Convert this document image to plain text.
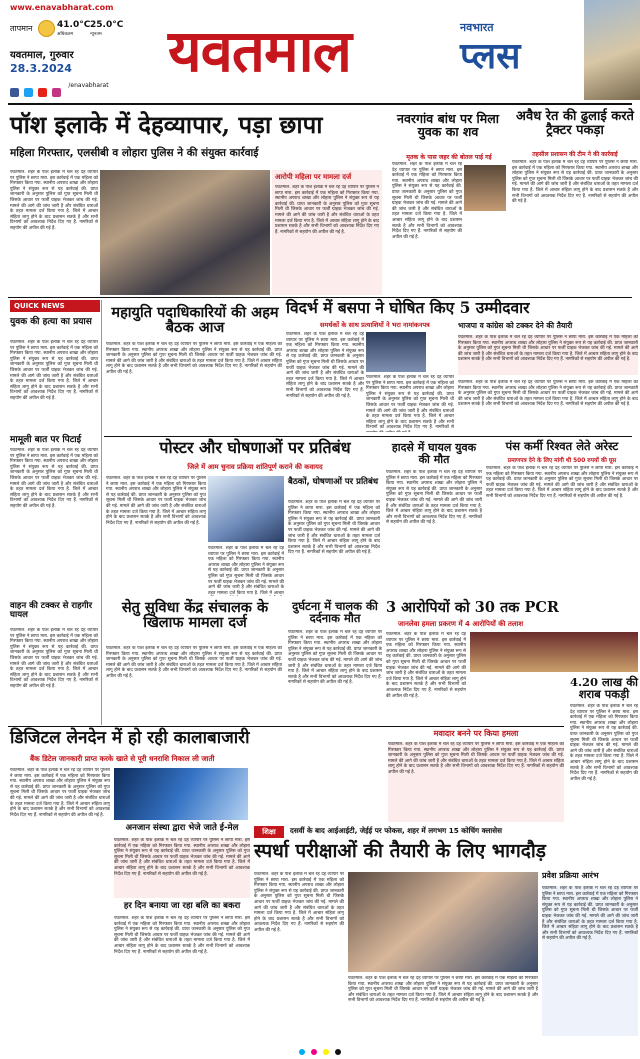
www.enavabharat.com
तापमान	41.0°C
अधिकतम
25.0°C
न्यूनतम
यवतमाल, गुरुवार
28.3.2024
$^{/enavabharat}$
यवतमाल	नवभारत
प्लस
पॉश इलाके में देहव्यापार, पड़ा छापा
महिला गिरफ्तार, एलसीबी व लोहारा पुलिस ने की संयुक्त कार्रवाई
यवतमाल. शहर के पॉश इलाके में चल रहे देह व्यापार पर पुलिस ने छापा मारा. इस कार्रवाई में एक महिला को गिरफ्तार किया गया. स्थानीय अपराध शाखा और लोहारा पुलिस ने संयुक्त रूप से यह कार्रवाई की. प्राप्त जानकारी के अनुसार पुलिस को गुप्त सूचना मिली थी जिसके आधार पर फर्जी ग्राहक भेजकर जांच की गई. मामले की आगे की जांच जारी है और संबंधित धाराओं के तहत मामला दर्ज किया गया है. जिले में आचार संहिता लागू होने के बाद प्रशासन सतर्क है और सभी विभागों को आवश्यक निर्देश दिए गए हैं. नागरिकों से सहयोग की अपील की गई है.
आरोपी महिला पर मामला दर्ज
यवतमाल. शहर के पॉश इलाके में चल रहे देह व्यापार पर पुलिस ने छापा मारा. इस कार्रवाई में एक महिला को गिरफ्तार किया गया. स्थानीय अपराध शाखा और लोहारा पुलिस ने संयुक्त रूप से यह कार्रवाई की. प्राप्त जानकारी के अनुसार पुलिस को गुप्त सूचना मिली थी जिसके आधार पर फर्जी ग्राहक भेजकर जांच की गई. मामले की आगे की जांच जारी है और संबंधित धाराओं के तहत मामला दर्ज किया गया है. जिले में आचार संहिता लागू होने के बाद प्रशासन सतर्क है और सभी विभागों को आवश्यक निर्देश दिए गए हैं. नागरिकों से सहयोग की अपील की गई है.
नवरगांव बांध पर मिला युवक का शव
मृतक के पास जहर की बोतल पाई गई
यवतमाल. शहर के पॉश इलाके में चल रहे देह व्यापार पर पुलिस ने छापा मारा. इस कार्रवाई में एक महिला को गिरफ्तार किया गया. स्थानीय अपराध शाखा और लोहारा पुलिस ने संयुक्त रूप से यह कार्रवाई की. प्राप्त जानकारी के अनुसार पुलिस को गुप्त सूचना मिली थी जिसके आधार पर फर्जी ग्राहक भेजकर जांच की गई. मामले की आगे की जांच जारी है और संबंधित धाराओं के तहत मामला दर्ज किया गया है. जिले में आचार संहिता लागू होने के बाद प्रशासन सतर्क है और सभी विभागों को आवश्यक निर्देश दिए गए हैं. नागरिकों से सहयोग की अपील की गई है.
अवैध रेत की ढुलाई करते ट्रैक्टर पकड़ा
तहसील प्रशासन की टीम ने की कार्रवाई
यवतमाल. शहर के पॉश इलाके में चल रहे देह व्यापार पर पुलिस ने छापा मारा. इस कार्रवाई में एक महिला को गिरफ्तार किया गया. स्थानीय अपराध शाखा और लोहारा पुलिस ने संयुक्त रूप से यह कार्रवाई की. प्राप्त जानकारी के अनुसार पुलिस को गुप्त सूचना मिली थी जिसके आधार पर फर्जी ग्राहक भेजकर जांच की गई. मामले की आगे की जांच जारी है और संबंधित धाराओं के तहत मामला दर्ज किया गया है. जिले में आचार संहिता लागू होने के बाद प्रशासन सतर्क है और सभी विभागों को आवश्यक निर्देश दिए गए हैं. नागरिकों से सहयोग की अपील की गई है.
QUICK NEWS
युवक की हत्या का प्रयास
यवतमाल. शहर के पॉश इलाके में चल रहे देह व्यापार पर पुलिस ने छापा मारा. इस कार्रवाई में एक महिला को गिरफ्तार किया गया. स्थानीय अपराध शाखा और लोहारा पुलिस ने संयुक्त रूप से यह कार्रवाई की. प्राप्त जानकारी के अनुसार पुलिस को गुप्त सूचना मिली थी जिसके आधार पर फर्जी ग्राहक भेजकर जांच की गई. मामले की आगे की जांच जारी है और संबंधित धाराओं के तहत मामला दर्ज किया गया है. जिले में आचार संहिता लागू होने के बाद प्रशासन सतर्क है और सभी विभागों को आवश्यक निर्देश दिए गए हैं. नागरिकों से सहयोग की अपील की गई है.
मामूली बात पर पिटाई
यवतमाल. शहर के पॉश इलाके में चल रहे देह व्यापार पर पुलिस ने छापा मारा. इस कार्रवाई में एक महिला को गिरफ्तार किया गया. स्थानीय अपराध शाखा और लोहारा पुलिस ने संयुक्त रूप से यह कार्रवाई की. प्राप्त जानकारी के अनुसार पुलिस को गुप्त सूचना मिली थी जिसके आधार पर फर्जी ग्राहक भेजकर जांच की गई. मामले की आगे की जांच जारी है और संबंधित धाराओं के तहत मामला दर्ज किया गया है. जिले में आचार संहिता लागू होने के बाद प्रशासन सतर्क है और सभी विभागों को आवश्यक निर्देश दिए गए हैं. नागरिकों से सहयोग की अपील की गई है.
वाहन की टक्कर से राहगीर घायल
यवतमाल. शहर के पॉश इलाके में चल रहे देह व्यापार पर पुलिस ने छापा मारा. इस कार्रवाई में एक महिला को गिरफ्तार किया गया. स्थानीय अपराध शाखा और लोहारा पुलिस ने संयुक्त रूप से यह कार्रवाई की. प्राप्त जानकारी के अनुसार पुलिस को गुप्त सूचना मिली थी जिसके आधार पर फर्जी ग्राहक भेजकर जांच की गई. मामले की आगे की जांच जारी है और संबंधित धाराओं के तहत मामला दर्ज किया गया है. जिले में आचार संहिता लागू होने के बाद प्रशासन सतर्क है और सभी विभागों को आवश्यक निर्देश दिए गए हैं. नागरिकों से सहयोग की अपील की गई है.
महायुति पदाधिकारियों की अहम बैठक आज
यवतमाल. शहर के पॉश इलाके में चल रहे देह व्यापार पर पुलिस ने छापा मारा. इस कार्रवाई में एक महिला को गिरफ्तार किया गया. स्थानीय अपराध शाखा और लोहारा पुलिस ने संयुक्त रूप से यह कार्रवाई की. प्राप्त जानकारी के अनुसार पुलिस को गुप्त सूचना मिली थी जिसके आधार पर फर्जी ग्राहक भेजकर जांच की गई. मामले की आगे की जांच जारी है और संबंधित धाराओं के तहत मामला दर्ज किया गया है. जिले में आचार संहिता लागू होने के बाद प्रशासन सतर्क है और सभी विभागों को आवश्यक निर्देश दिए गए हैं. नागरिकों से सहयोग की अपील की गई है.
विदर्भ में बसपा ने घोषित किए 5 उम्मीदवार
समर्थकों के साथ प्रत्याशियों ने भरा नामांकनपत्र
यवतमाल. शहर के पॉश इलाके में चल रहे देह व्यापार पर पुलिस ने छापा मारा. इस कार्रवाई में एक महिला को गिरफ्तार किया गया. स्थानीय अपराध शाखा और लोहारा पुलिस ने संयुक्त रूप से यह कार्रवाई की. प्राप्त जानकारी के अनुसार पुलिस को गुप्त सूचना मिली थी जिसके आधार पर फर्जी ग्राहक भेजकर जांच की गई. मामले की आगे की जांच जारी है और संबंधित धाराओं के तहत मामला दर्ज किया गया है. जिले में आचार संहिता लागू होने के बाद प्रशासन सतर्क है और सभी विभागों को आवश्यक निर्देश दिए गए हैं. नागरिकों से सहयोग की अपील की गई है.
यवतमाल. शहर के पॉश इलाके में चल रहे देह व्यापार पर पुलिस ने छापा मारा. इस कार्रवाई में एक महिला को गिरफ्तार किया गया. स्थानीय अपराध शाखा और लोहारा पुलिस ने संयुक्त रूप से यह कार्रवाई की. प्राप्त जानकारी के अनुसार पुलिस को गुप्त सूचना मिली थी जिसके आधार पर फर्जी ग्राहक भेजकर जांच की गई. मामले की आगे की जांच जारी है और संबंधित धाराओं के तहत मामला दर्ज किया गया है. जिले में आचार संहिता लागू होने के बाद प्रशासन सतर्क है और सभी विभागों को आवश्यक निर्देश दिए गए हैं. नागरिकों से
भाजपा व कांग्रेस को टक्कर देने की तैयारी
यवतमाल. शहर के पॉश इलाके में चल रहे देह व्यापार पर पुलिस ने छापा मारा. इस कार्रवाई में एक महिला को गिरफ्तार किया गया. स्थानीय अपराध शाखा और लोहारा पुलिस ने संयुक्त रूप से यह कार्रवाई की. प्राप्त जानकारी के अनुसार पुलिस को गुप्त सूचना मिली थी जिसके आधार पर फर्जी ग्राहक भेजकर जांच की गई. मामले की आगे की जांच जारी है और संबंधित धाराओं के तहत मामला दर्ज किया गया है. जिले में आचार संहिता लागू होने के बाद प्रशासन सतर्क है और सभी विभागों को आवश्यक निर्देश दिए गए हैं. नागरिकों से सहयोग की अपील की गई है.
यवतमाल. शहर के पॉश इलाके में चल रहे देह व्यापार पर पुलिस ने छापा मारा. इस कार्रवाई में एक महिला को गिरफ्तार किया गया. स्थानीय अपराध शाखा और लोहारा पुलिस ने संयुक्त रूप से यह कार्रवाई की. प्राप्त जानकारी के अनुसार पुलिस को गुप्त सूचना मिली थी जिसके आधार पर फर्जी ग्राहक भेजकर जांच की गई. मामले की आगे की जांच जारी है और संबंधित धाराओं के तहत मामला दर्ज किया गया है. जिले में आचार संहिता लागू होने के बाद प्रशासन सतर्क है और सभी विभागों को आवश्यक निर्देश दिए गए हैं. नागरिकों से सहयोग की अपील की गई है.
पोस्टर और घोषणाओं पर प्रतिबंध
जिले में आम चुनाव प्रक्रिया शांतिपूर्ण कराने की कवायद
यवतमाल. शहर के पॉश इलाके में चल रहे देह व्यापार पर पुलिस ने छापा मारा. इस कार्रवाई में एक महिला को गिरफ्तार किया गया. स्थानीय अपराध शाखा और लोहारा पुलिस ने संयुक्त रूप से यह कार्रवाई की. प्राप्त जानकारी के अनुसार पुलिस को गुप्त सूचना मिली थी जिसके आधार पर फर्जी ग्राहक भेजकर जांच की गई. मामले की आगे की जांच जारी है और संबंधित धाराओं के तहत मामला दर्ज किया गया है. जिले में आचार संहिता लागू होने के बाद प्रशासन सतर्क है और सभी विभागों को आवश्यक निर्देश दिए गए हैं. नागरिकों से सहयोग की अपील की गई है.
यवतमाल. शहर के पॉश इलाके में चल रहे देह व्यापार पर पुलिस ने छापा मारा. इस कार्रवाई में एक महिला को गिरफ्तार किया गया. स्थानीय अपराध शाखा और लोहारा पुलिस ने संयुक्त रूप से यह कार्रवाई की. प्राप्त जानकारी के अनुसार पुलिस को गुप्त सूचना मिली थी जिसके आधार पर फर्जी ग्राहक भेजकर जांच की गई. मामले की आगे की जांच जारी है और संबंधित धाराओं के तहत मामला दर्ज किया गया है. जिले में आचार
बैठकों, घोषणाओं पर प्रतिबंध
यवतमाल. शहर के पॉश इलाके में चल रहे देह व्यापार पर पुलिस ने छापा मारा. इस कार्रवाई में एक महिला को गिरफ्तार किया गया. स्थानीय अपराध शाखा और लोहारा पुलिस ने संयुक्त रूप से यह कार्रवाई की. प्राप्त जानकारी के अनुसार पुलिस को गुप्त सूचना मिली थी जिसके आधार पर फर्जी ग्राहक भेजकर जांच की गई. मामले की आगे की जांच जारी है और संबंधित धाराओं के तहत मामला दर्ज किया गया है. जिले में आचार संहिता लागू होने के बाद प्रशासन सतर्क है और सभी विभागों को आवश्यक निर्देश दिए गए हैं. नागरिकों से सहयोग की अपील की गई है.
हादसे में घायल युवक की मौत
यवतमाल. शहर के पॉश इलाके में चल रहे देह व्यापार पर पुलिस ने छापा मारा. इस कार्रवाई में एक महिला को गिरफ्तार किया गया. स्थानीय अपराध शाखा और लोहारा पुलिस ने संयुक्त रूप से यह कार्रवाई की. प्राप्त जानकारी के अनुसार पुलिस को गुप्त सूचना मिली थी जिसके आधार पर फर्जी ग्राहक भेजकर जांच की गई. मामले की आगे की जांच जारी है और संबंधित धाराओं के तहत मामला दर्ज किया गया है. जिले में आचार संहिता लागू होने के बाद प्रशासन सतर्क है और सभी विभागों को आवश्यक निर्देश दिए गए हैं. नागरिकों से सहयोग की अपील की गई है.
पंस कर्मी रिश्वत लेते अरेस्ट
प्रमाणपत्र देने के लिए मांगी थी 500 रुपयों की घूस
यवतमाल. शहर के पॉश इलाके में चल रहे देह व्यापार पर पुलिस ने छापा मारा. इस कार्रवाई में एक महिला को गिरफ्तार किया गया. स्थानीय अपराध शाखा और लोहारा पुलिस ने संयुक्त रूप से यह कार्रवाई की. प्राप्त जानकारी के अनुसार पुलिस को गुप्त सूचना मिली थी जिसके आधार पर फर्जी ग्राहक भेजकर जांच की गई. मामले की आगे की जांच जारी है और संबंधित धाराओं के तहत मामला दर्ज किया गया है. जिले में आचार संहिता लागू होने के बाद प्रशासन सतर्क है और सभी विभागों को आवश्यक निर्देश दिए गए हैं. नागरिकों से सहयोग की अपील की गई है.
3 आरोपियों को 30 तक PCR
जानलेवा हमला प्रकरण में 4 आरोपियों की तलाश
यवतमाल. शहर के पॉश इलाके में चल रहे देह व्यापार पर पुलिस ने छापा मारा. इस कार्रवाई में एक महिला को गिरफ्तार किया गया. स्थानीय अपराध शाखा और लोहारा पुलिस ने संयुक्त रूप से यह कार्रवाई की. प्राप्त जानकारी के अनुसार पुलिस को गुप्त सूचना मिली थी जिसके आधार पर फर्जी ग्राहक भेजकर जांच की गई. मामले की आगे की जांच जारी है और संबंधित धाराओं के तहत मामला दर्ज किया गया है. जिले में आचार संहिता लागू होने के बाद प्रशासन सतर्क है और सभी विभागों को आवश्यक निर्देश दिए गए हैं. नागरिकों से सहयोग की अपील की गई है.
4.20 लाख की शराब पकड़ी
यवतमाल. शहर के पॉश इलाके में चल रहे देह व्यापार पर पुलिस ने छापा मारा. इस कार्रवाई में एक महिला को गिरफ्तार किया गया. स्थानीय अपराध शाखा और लोहारा पुलिस ने संयुक्त रूप से यह कार्रवाई की. प्राप्त जानकारी के अनुसार पुलिस को गुप्त सूचना मिली थी जिसके आधार पर फर्जी ग्राहक भेजकर जांच की गई. मामले की आगे की जांच जारी है और संबंधित धाराओं के तहत मामला दर्ज किया गया है. जिले में आचार संहिता लागू होने के बाद प्रशासन सतर्क है और सभी विभागों को आवश्यक निर्देश दिए गए हैं. नागरिकों से सहयोग की अपील की गई है.
सेतु सुविधा केंद्र संचालक के खिलाफ मामला दर्ज
यवतमाल. शहर के पॉश इलाके में चल रहे देह व्यापार पर पुलिस ने छापा मारा. इस कार्रवाई में एक महिला को गिरफ्तार किया गया. स्थानीय अपराध शाखा और लोहारा पुलिस ने संयुक्त रूप से यह कार्रवाई की. प्राप्त जानकारी के अनुसार पुलिस को गुप्त सूचना मिली थी जिसके आधार पर फर्जी ग्राहक भेजकर जांच की गई. मामले की आगे की जांच जारी है और संबंधित धाराओं के तहत मामला दर्ज किया गया है. जिले में आचार संहिता लागू होने के बाद प्रशासन सतर्क है और सभी विभागों को आवश्यक निर्देश दिए गए हैं. नागरिकों से सहयोग की अपील की गई है.
दुर्घटना में चालक की दर्दनाक मौत
यवतमाल. शहर के पॉश इलाके में चल रहे देह व्यापार पर पुलिस ने छापा मारा. इस कार्रवाई में एक महिला को गिरफ्तार किया गया. स्थानीय अपराध शाखा और लोहारा पुलिस ने संयुक्त रूप से यह कार्रवाई की. प्राप्त जानकारी के अनुसार पुलिस को गुप्त सूचना मिली थी जिसके आधार पर फर्जी ग्राहक भेजकर जांच की गई. मामले की आगे की जांच जारी है और संबंधित धाराओं के तहत मामला दर्ज किया गया है. जिले में आचार संहिता लागू होने के बाद प्रशासन सतर्क है और सभी विभागों को आवश्यक निर्देश दिए गए हैं. नागरिकों से सहयोग की अपील की गई है.
डिजिटल लेनदेन में हो रही कालाबाजारी
बैंक डिटेल जानकारी प्राप्त करके खाते से पूरी धनराशि निकाल ली जाती
यवतमाल. शहर के पॉश इलाके में चल रहे देह व्यापार पर पुलिस ने छापा मारा. इस कार्रवाई में एक महिला को गिरफ्तार किया गया. स्थानीय अपराध शाखा और लोहारा पुलिस ने संयुक्त रूप से यह कार्रवाई की. प्राप्त जानकारी के अनुसार पुलिस को गुप्त सूचना मिली थी जिसके आधार पर फर्जी ग्राहक भेजकर जांच की गई. मामले की आगे की जांच जारी है और संबंधित धाराओं के तहत मामला दर्ज किया गया है. जिले में आचार संहिता लागू होने के बाद प्रशासन सतर्क है और सभी विभागों को आवश्यक निर्देश दिए गए हैं. नागरिकों से सहयोग की अपील की गई है.
अनजान संस्था द्वारा भेजे जाते ई-मेल
यवतमाल. शहर के पॉश इलाके में चल रहे देह व्यापार पर पुलिस ने छापा मारा. इस कार्रवाई में एक महिला को गिरफ्तार किया गया. स्थानीय अपराध शाखा और लोहारा पुलिस ने संयुक्त रूप से यह कार्रवाई की. प्राप्त जानकारी के अनुसार पुलिस को गुप्त सूचना मिली थी जिसके आधार पर फर्जी ग्राहक भेजकर जांच की गई. मामले की आगे की जांच जारी है और संबंधित धाराओं के तहत मामला दर्ज किया गया है. जिले में आचार संहिता लागू होने के बाद प्रशासन सतर्क है और सभी विभागों को आवश्यक निर्देश दिए गए हैं. नागरिकों से सहयोग की अपील की गई है.
हर दिन बनाया जा रहा बलि का बकरा
यवतमाल. शहर के पॉश इलाके में चल रहे देह व्यापार पर पुलिस ने छापा मारा. इस कार्रवाई में एक महिला को गिरफ्तार किया गया. स्थानीय अपराध शाखा और लोहारा पुलिस ने संयुक्त रूप से यह कार्रवाई की. प्राप्त जानकारी के अनुसार पुलिस को गुप्त सूचना मिली थी जिसके आधार पर फर्जी ग्राहक भेजकर जांच की गई. मामले की आगे की जांच जारी है और संबंधित धाराओं के तहत मामला दर्ज किया गया है. जिले में आचार संहिता लागू होने के बाद प्रशासन सतर्क है और सभी विभागों को आवश्यक निर्देश दिए गए हैं. नागरिकों से सहयोग की अपील की गई है.
मवादार बनने पर किया हमला
यवतमाल. शहर के पॉश इलाके में चल रहे देह व्यापार पर पुलिस ने छापा मारा. इस कार्रवाई में एक महिला को गिरफ्तार किया गया. स्थानीय अपराध शाखा और लोहारा पुलिस ने संयुक्त रूप से यह कार्रवाई की. प्राप्त जानकारी के अनुसार पुलिस को गुप्त सूचना मिली थी जिसके आधार पर फर्जी ग्राहक भेजकर जांच की गई. मामले की आगे की जांच जारी है और संबंधित धाराओं के तहत मामला दर्ज किया गया है. जिले में आचार संहिता लागू होने के बाद प्रशासन सतर्क है और सभी विभागों को आवश्यक निर्देश दिए गए हैं. नागरिकों से सहयोग की अपील की गई है.
शिक्षा	दसवीं के बाद आईआईटी, जेईई पर फोकस, शहर में लगभग 15 कोचिंग क्लासेस
स्पर्धा परीक्षाओं की तैयारी के लिए भागदौड़
यवतमाल. शहर के पॉश इलाके में चल रहे देह व्यापार पर पुलिस ने छापा मारा. इस कार्रवाई में एक महिला को गिरफ्तार किया गया. स्थानीय अपराध शाखा और लोहारा पुलिस ने संयुक्त रूप से यह कार्रवाई की. प्राप्त जानकारी के अनुसार पुलिस को गुप्त सूचना मिली थी जिसके आधार पर फर्जी ग्राहक भेजकर जांच की गई. मामले की आगे की जांच जारी है और संबंधित धाराओं के तहत मामला दर्ज किया गया है. जिले में आचार संहिता लागू होने के बाद प्रशासन सतर्क है और सभी विभागों को आवश्यक निर्देश दिए गए हैं. नागरिकों से सहयोग की अपील की गई है.
यवतमाल. शहर के पॉश इलाके में चल रहे देह व्यापार पर पुलिस ने छापा मारा. इस कार्रवाई में एक महिला को गिरफ्तार किया गया. स्थानीय अपराध शाखा और लोहारा पुलिस ने संयुक्त रूप से यह कार्रवाई की. प्राप्त जानकारी के अनुसार पुलिस को गुप्त सूचना मिली थी जिसके आधार पर फर्जी ग्राहक भेजकर जांच की गई. मामले की आगे की जांच जारी है और संबंधित धाराओं के तहत मामला दर्ज किया गया है. जिले में आचार संहिता लागू होने के बाद प्रशासन सतर्क है और सभी विभागों को आवश्यक निर्देश दिए गए हैं. नागरिकों से सहयोग की अपील की गई है.
प्रवेश प्रक्रिया आरंभ
यवतमाल. शहर के पॉश इलाके में चल रहे देह व्यापार पर पुलिस ने छापा मारा. इस कार्रवाई में एक महिला को गिरफ्तार किया गया. स्थानीय अपराध शाखा और लोहारा पुलिस ने संयुक्त रूप से यह कार्रवाई की. प्राप्त जानकारी के अनुसार पुलिस को गुप्त सूचना मिली थी जिसके आधार पर फर्जी ग्राहक भेजकर जांच की गई. मामले की आगे की जांच जारी है और संबंधित धाराओं के तहत मामला दर्ज किया गया है. जिले में आचार संहिता लागू होने के बाद प्रशासन सतर्क है और सभी विभागों को आवश्यक निर्देश दिए गए हैं. नागरिकों से सहयोग की अपील की गई है.
